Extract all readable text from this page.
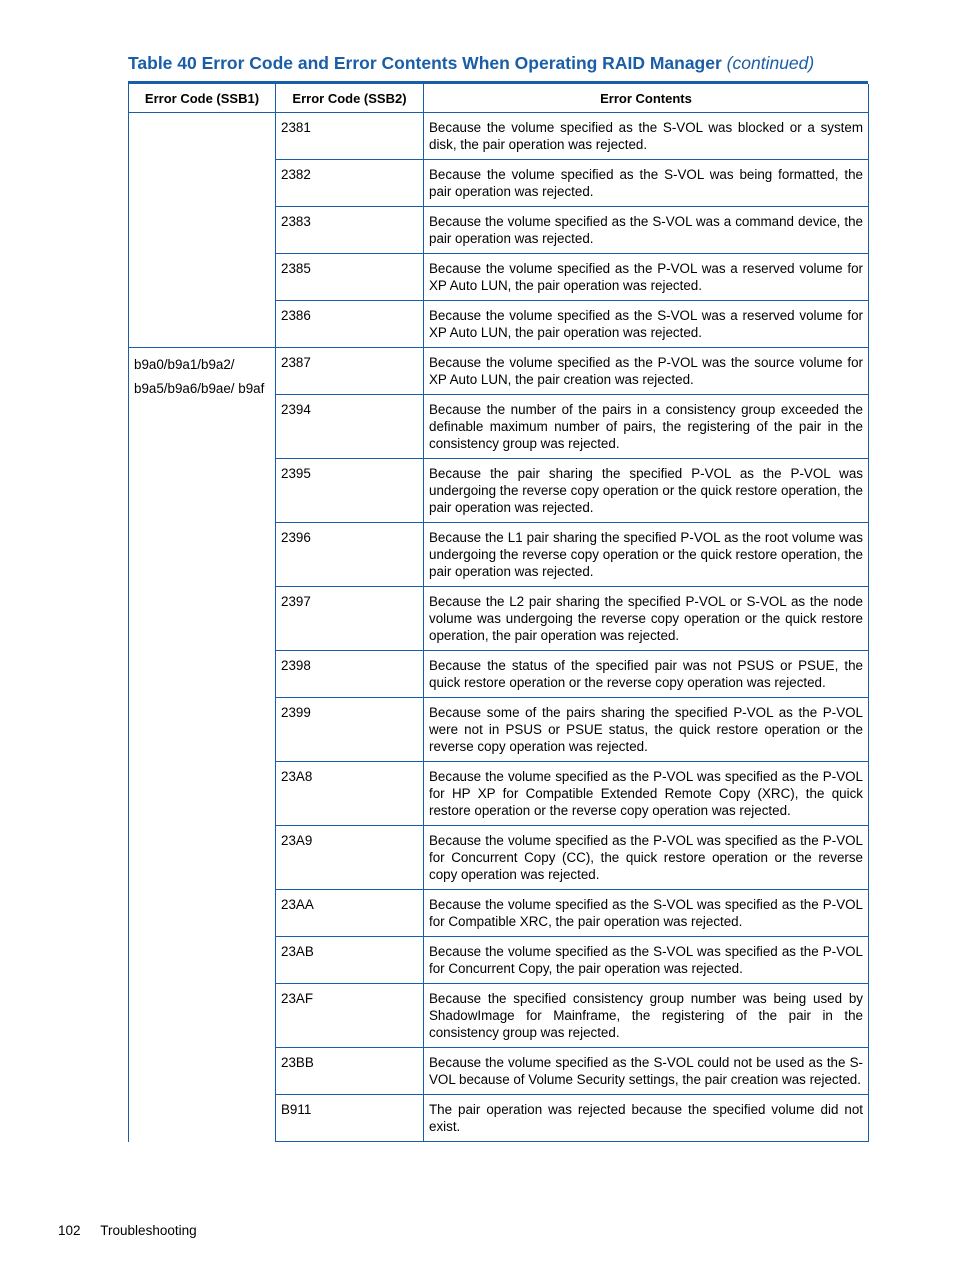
Table 40 Error Code and Error Contents When Operating RAID Manager (continued)
Error Code (SSB1)	Error Code (SSB2)	Error Contents
	2381	Because the volume specified as the S-VOL was blocked or a system disk, the pair operation was rejected.
	2382	Because the volume specified as the S-VOL was being formatted, the pair operation was rejected.
	2383	Because the volume specified as the S-VOL was a command device, the pair operation was rejected.
	2385	Because the volume specified as the P-VOL was a reserved volume for XP Auto LUN, the pair operation was rejected.
	2386	Because the volume specified as the S-VOL was a reserved volume for XP Auto LUN, the pair operation was rejected.
b9a0/b9a1/b9a2/ b9a5/b9a6/b9ae/ b9af	2387	Because the volume specified as the P-VOL was the source volume for XP Auto LUN, the pair creation was rejected.
	2394	Because the number of the pairs in a consistency group exceeded the definable maximum number of pairs, the registering of the pair in the consistency group was rejected.
	2395	Because the pair sharing the specified P-VOL as the P-VOL was undergoing the reverse copy operation or the quick restore operation, the pair operation was rejected.
	2396	Because the L1 pair sharing the specified P-VOL as the root volume was undergoing the reverse copy operation or the quick restore operation, the pair operation was rejected.
	2397	Because the L2 pair sharing the specified P-VOL or S-VOL as the node volume was undergoing the reverse copy operation or the quick restore operation, the pair operation was rejected.
	2398	Because the status of the specified pair was not PSUS or PSUE, the quick restore operation or the reverse copy operation was rejected.
	2399	Because some of the pairs sharing the specified P-VOL as the P-VOL were not in PSUS or PSUE status, the quick restore operation or the reverse copy operation was rejected.
	23A8	Because the volume specified as the P-VOL was specified as the P-VOL for HP XP for Compatible Extended Remote Copy (XRC), the quick restore operation or the reverse copy operation was rejected.
	23A9	Because the volume specified as the P-VOL was specified as the P-VOL for Concurrent Copy (CC), the quick restore operation or the reverse copy operation was rejected.
	23AA	Because the volume specified as the S-VOL was specified as the P-VOL for Compatible XRC, the pair operation was rejected.
	23AB	Because the volume specified as the S-VOL was specified as the P-VOL for Concurrent Copy, the pair operation was rejected.
	23AF	Because the specified consistency group number was being used by ShadowImage for Mainframe, the registering of the pair in the consistency group was rejected.
	23BB	Because the volume specified as the S-VOL could not be used as the S-VOL because of Volume Security settings, the pair creation was rejected.
	B911	The pair operation was rejected because the specified volume did not exist.
102 Troubleshooting
